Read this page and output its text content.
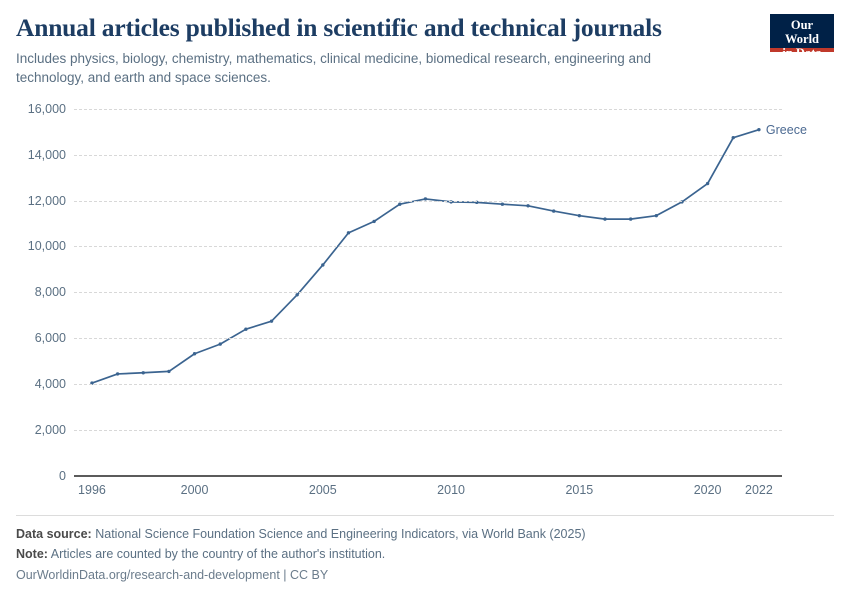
Annual articles published in scientific and technical journals

Includes physics, biology, chemistry, mathematics, clinical medicine, biomedical research, engineering and technology, and earth and space sciences.

Our World
in Data
0
2,000
4,000
6,000
8,000
10,000
12,000
14,000
16,000
1996	2000	2005	2010	2015	2020 2022
Greece
Data source: National Science Foundation Science and Engineering Indicators, via World Bank (2025)
Note: Articles are counted by the country of the author's institution.
OurWorldinData.org/research-and-development | CC BY
